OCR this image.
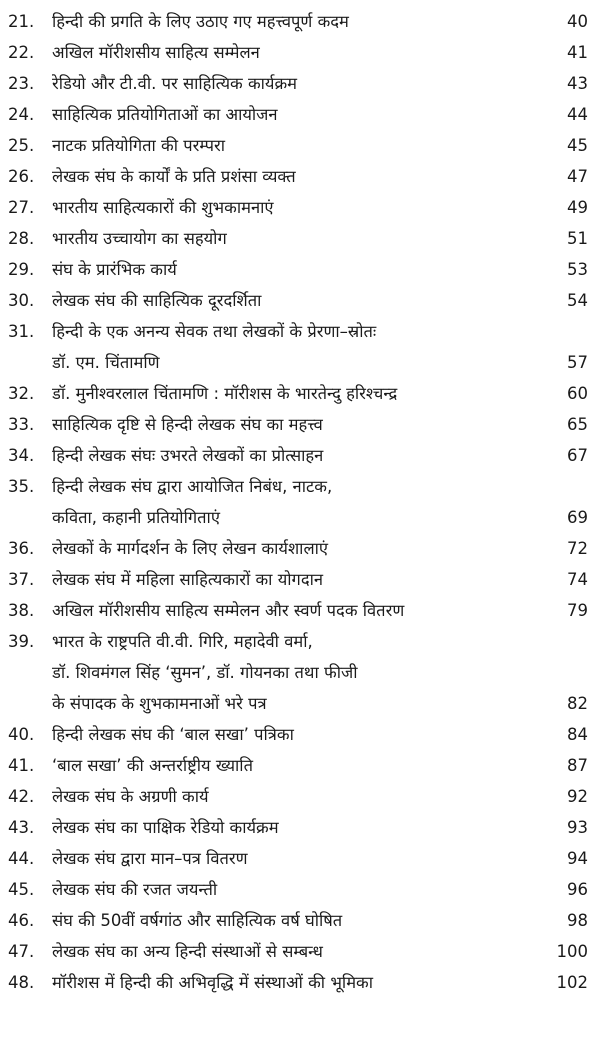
21.	हिन्दी की प्रगति के लिए उठाए गए महत्त्वपूर्ण कदम	40
22.	अखिल मॉरीशसीय साहित्य सम्मेलन	41
23.	रेडियो और टी.वी. पर साहित्यिक कार्यक्रम	43
24.	साहित्यिक प्रतियोगिताओं का आयोजन	44
25.	नाटक प्रतियोगिता की परम्परा	45
26.	लेखक संघ के कार्यों के प्रति प्रशंसा व्यक्त	47
27.	भारतीय साहित्यकारों की शुभकामनाएं	49
28.	भारतीय उच्चायोग का सहयोग	51
29.	संघ के प्रारंभिक कार्य	53
30.	लेखक संघ की साहित्यिक दूरदर्शिता	54
31.	हिन्दी के एक अनन्य सेवक तथा लेखकों के प्रेरणा–स्रोतः
डॉ. एम. चिंतामणि	57
32.	डॉ. मुनीश्वरलाल चिंतामणि : मॉरीशस के भारतेन्दु हरिश्चन्द्र	60
33.	साहित्यिक दृष्टि से हिन्दी लेखक संघ का महत्त्व	65
34.	हिन्दी लेखक संघः उभरते लेखकों का प्रोत्साहन	67
35.	हिन्दी लेखक संघ द्वारा आयोजित निबंध, नाटक,
कविता, कहानी प्रतियोगिताएं	69
36.	लेखकों के मार्गदर्शन के लिए लेखन कार्यशालाएं	72
37.	लेखक संघ में महिला साहित्यकारों का योगदान	74
38.	अखिल मॉरीशसीय साहित्य सम्मेलन और स्वर्ण पदक वितरण	79
39.	भारत के राष्ट्रपति वी.वी. गिरि, महादेवी वर्मा,
डॉ. शिवमंगल सिंह ‘सुमन’, डॉ. गोयनका तथा फीजी
के संपादक के शुभकामनाओं भरे पत्र	82
40.	हिन्दी लेखक संघ की ‘बाल सखा’ पत्रिका	84
41.	‘बाल सखा’ की अन्तर्राष्ट्रीय ख्याति	87
42.	लेखक संघ के अग्रणी कार्य	92
43.	लेखक संघ का पाक्षिक रेडियो कार्यक्रम	93
44.	लेखक संघ द्वारा मान–पत्र वितरण	94
45.	लेखक संघ की रजत जयन्ती	96
46.	संघ की 50वीं वर्षगांठ और साहित्यिक वर्ष घोषित	98
47.	लेखक संघ का अन्य हिन्दी संस्थाओं से सम्बन्ध	100
48.	मॉरीशस में हिन्दी की अभिवृद्धि में संस्थाओं की भूमिका	102
